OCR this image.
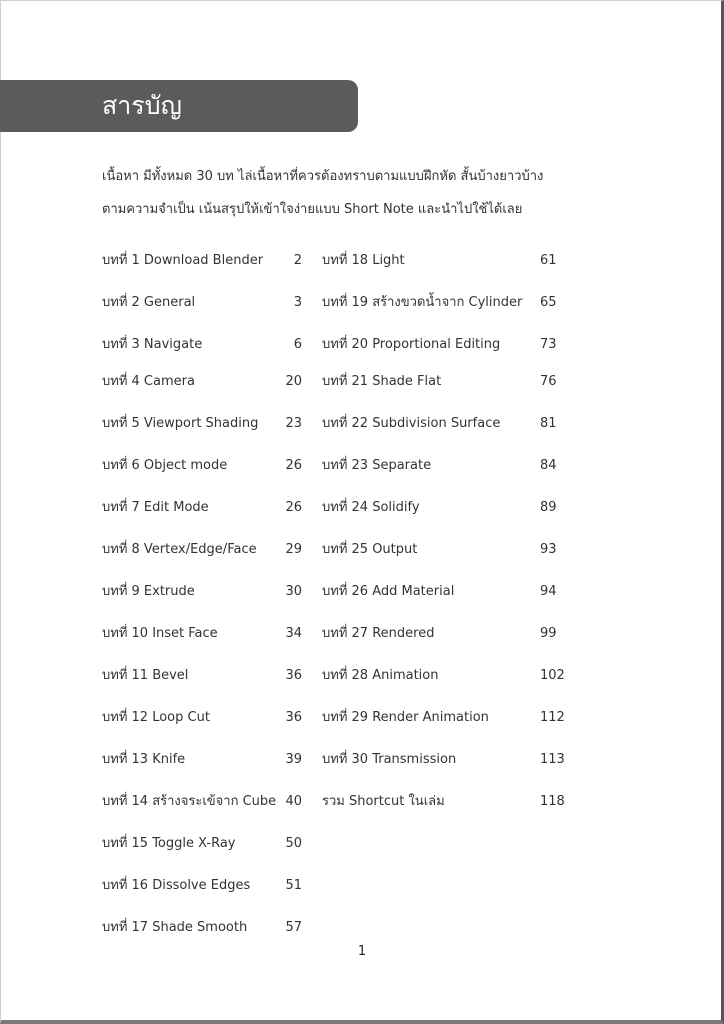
สารบัญ
เนื้อหา มีทั้งหมด 30 บท ไล่เนื้อหาที่ควรต้องทราบตามแบบฝึกหัด สั้นบ้างยาวบ้าง
ตามความจำเป็น เน้นสรุปให้เข้าใจง่ายแบบ Short Note และนำไปใช้ได้เลย
บทที่ 1 Download Blender 2
บทที่ 2 General	3
บทที่ 3 Navigate	6
บทที่ 4 Camera	20
บทที่ 5 Viewport Shading 23
บทที่ 6 Object mode	26
บทที่ 7 Edit Mode	26
บทที่ 8 Vertex/Edge/Face 29
บทที่ 9 Extrude	30
บทที่ 10 Inset Face	34
บทที่ 11 Bevel	36
บทที่ 12 Loop Cut	36
บทที่ 13 Knife	39
บทที่ 14 สร้างจระเข้จาก Cube 40
บทที่ 15 Toggle X-Ray	50
บทที่ 16 Dissolve Edges	51
บทที่ 17 Shade Smooth	57
บทที่ 18 Light	61
บทที่ 19 สร้างขวดน้ำจาก Cylinder 65
บทที่ 20 Proportional Editing	73
บทที่ 21 Shade Flat	76
บทที่ 22 Subdivision Surface	81
บทที่ 23 Separate	84
บทที่ 24 Solidify	89
บทที่ 25 Output	93
บทที่ 26 Add Material	94
บทที่ 27 Rendered	99
บทที่ 28 Animation	102
บทที่ 29 Render Animation	112
บทที่ 30 Transmission	113
รวม Shortcut ในเล่ม	118
1
